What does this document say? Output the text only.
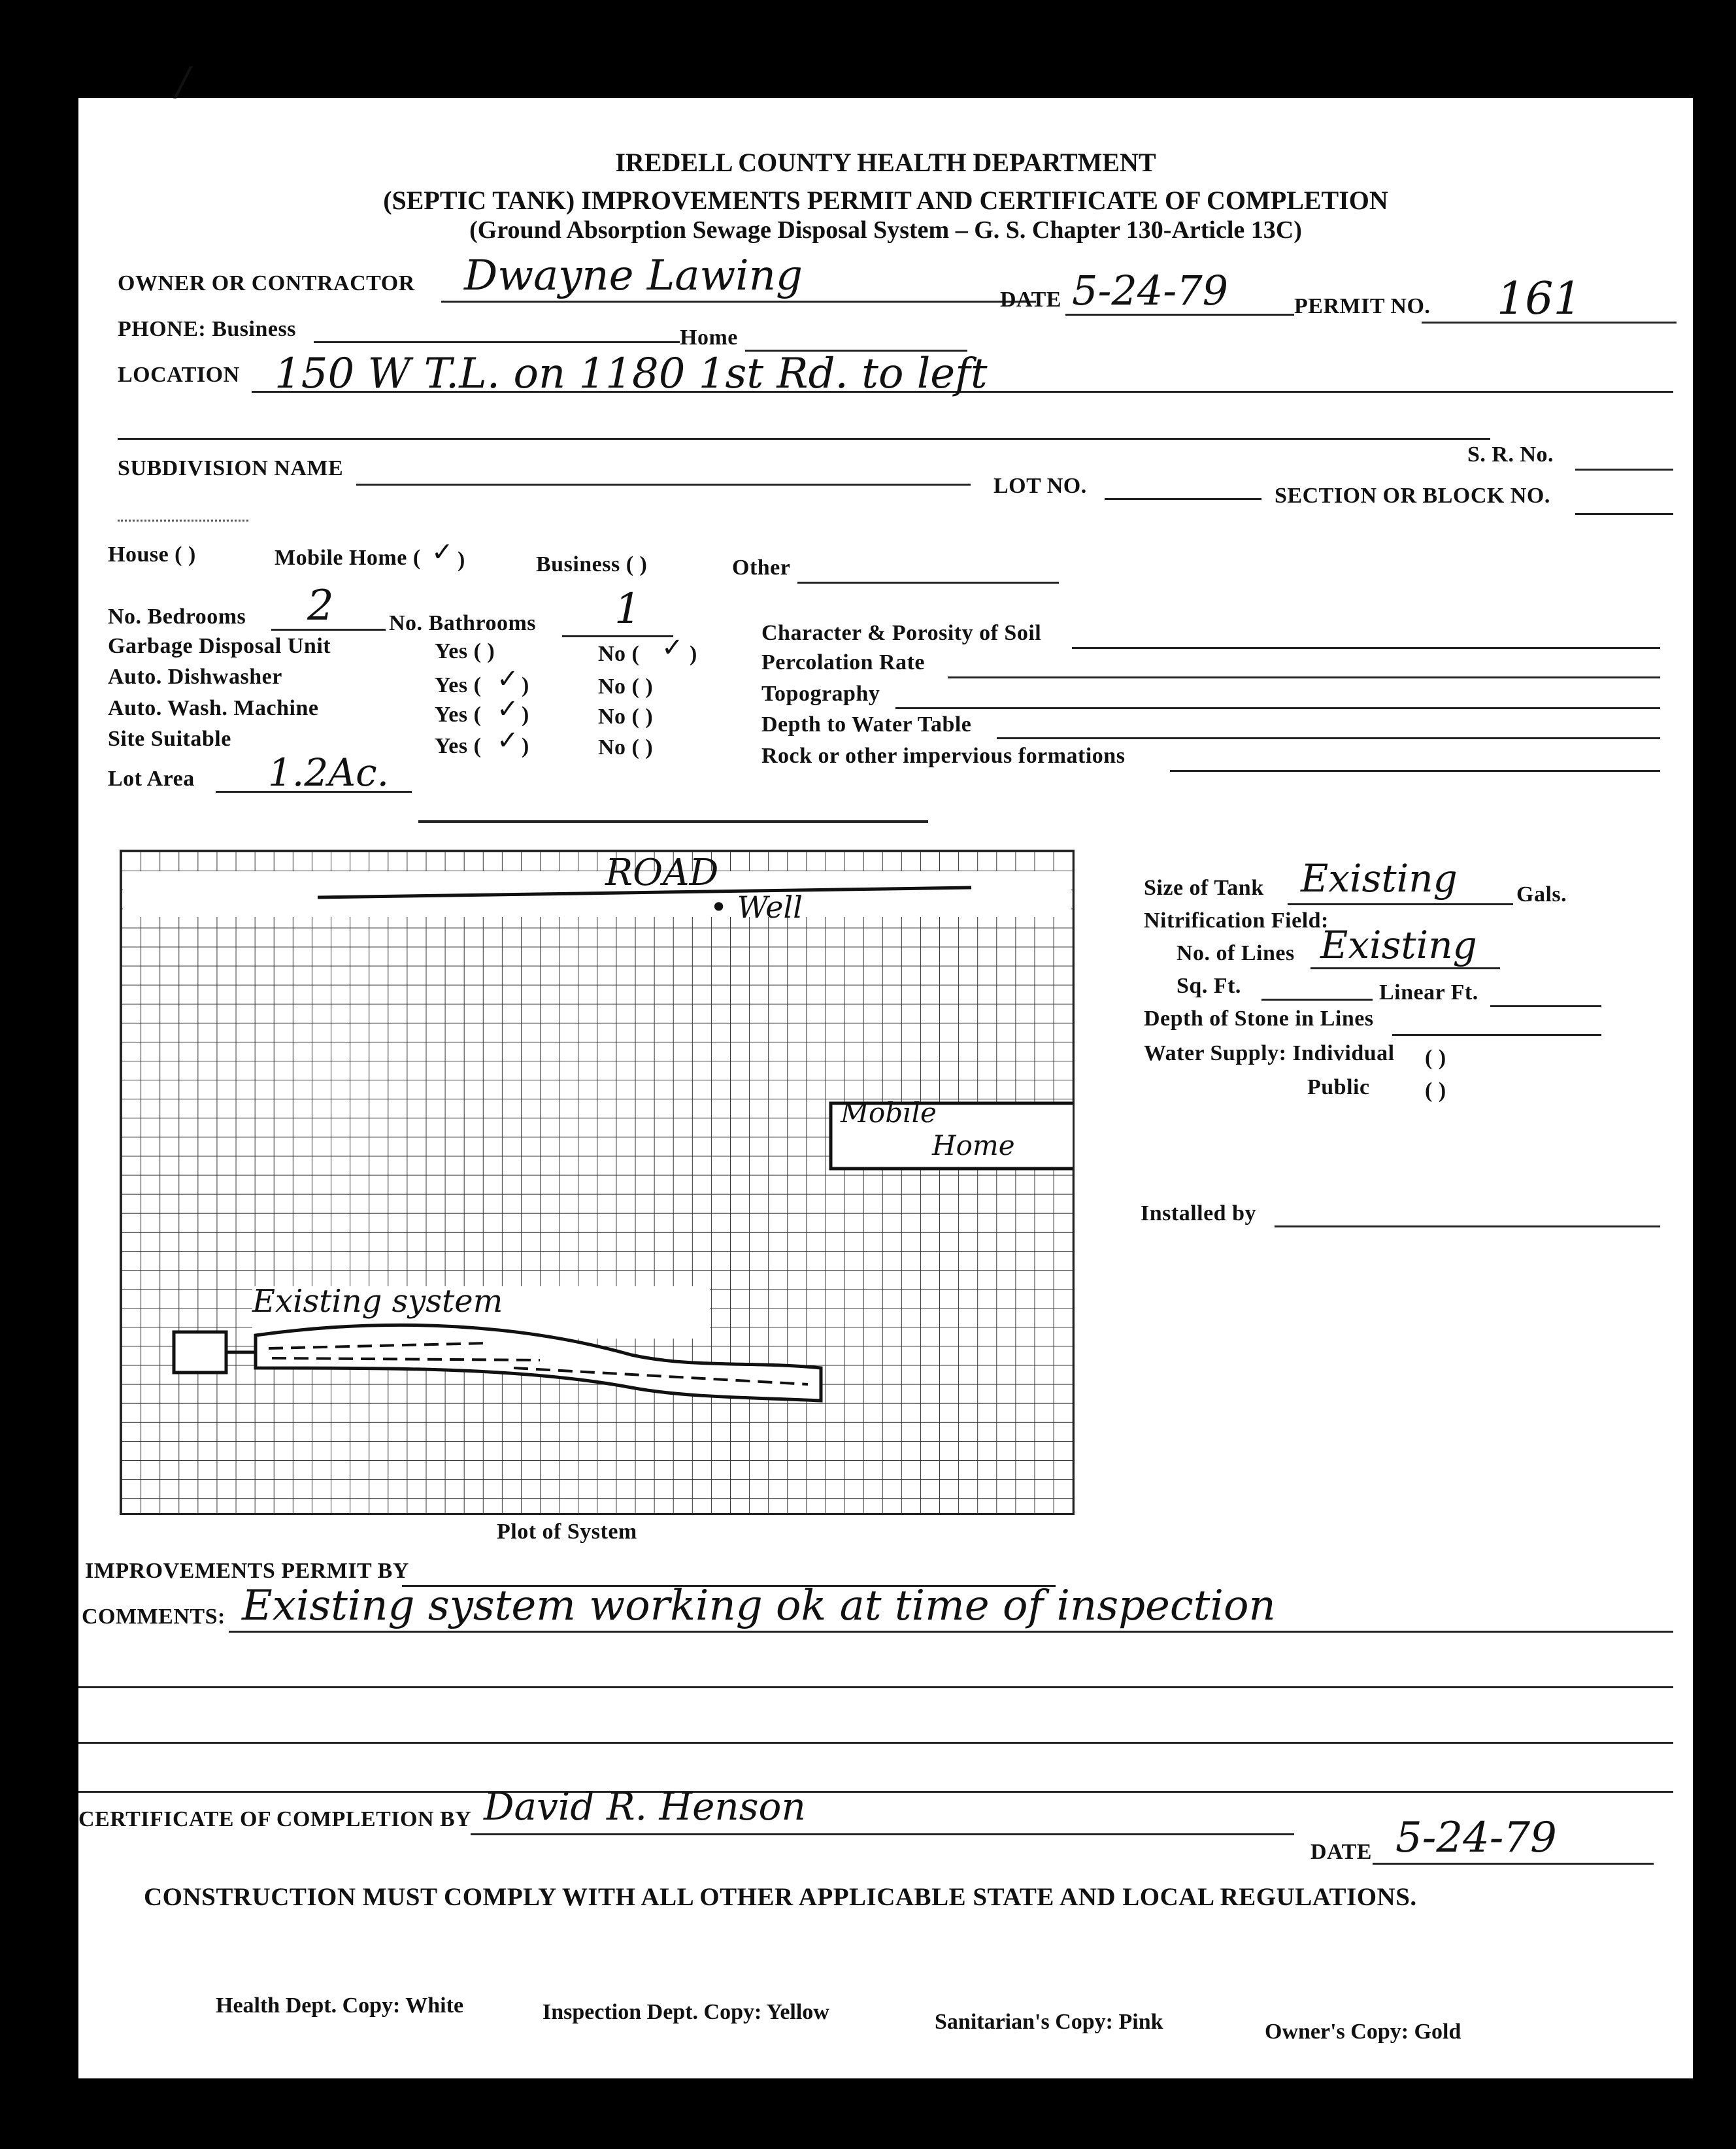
/
IREDELL COUNTY HEALTH DEPARTMENT
(SEPTIC TANK) IMPROVEMENTS PERMIT AND CERTIFICATE OF COMPLETION
(Ground Absorption Sewage Disposal System – G. S. Chapter 130-Article 13C)
OWNER OR CONTRACTOR Dwayne Lawing	DATE 5-24-79	PERMIT NO. 161
PHONE: Business	Home
LOCATION 150 W T.L. on 1180 1st Rd. to left
S. R. No.
SUBDIVISION NAME
LOT NO.	SECTION OR BLOCK NO.
House ( )	Mobile Home ( ✓ )	Business ( )	Other
No. Bedrooms 2 No. Bathrooms 1
Garbage Disposal Unit	Yes ( )	No ( ✓ )
Auto. Dishwasher	Yes ( ✓ )	No ( )
Auto. Wash. Machine	Yes ( ✓ )	No ( )
Site Suitable	Yes ( ✓ )	No ( )
Lot Area 1.2Ac.
Character & Porosity of Soil
Percolation Rate
Topography
Depth to Water Table
Rock or other impervious formations
ROAD
• Well
Mobile
Home
Existing system
Plot of System
Size of Tank Existing	Gals.
Nitrification Field:
No. of Lines Existing
Sq. Ft.	Linear Ft.
Depth of Stone in Lines
Water Supply: Individual ( )
Public ( )
Installed by
IMPROVEMENTS PERMIT BY
COMMENTS: Existing system working ok at time of inspection
CERTIFICATE OF COMPLETION BY David R. Henson
DATE 5-24-79
CONSTRUCTION MUST COMPLY WITH ALL OTHER APPLICABLE STATE AND LOCAL REGULATIONS.
Health Dept. Copy: White	Inspection Dept. Copy: Yellow	Sanitarian's Copy: Pink	Owner's Copy: Gold
